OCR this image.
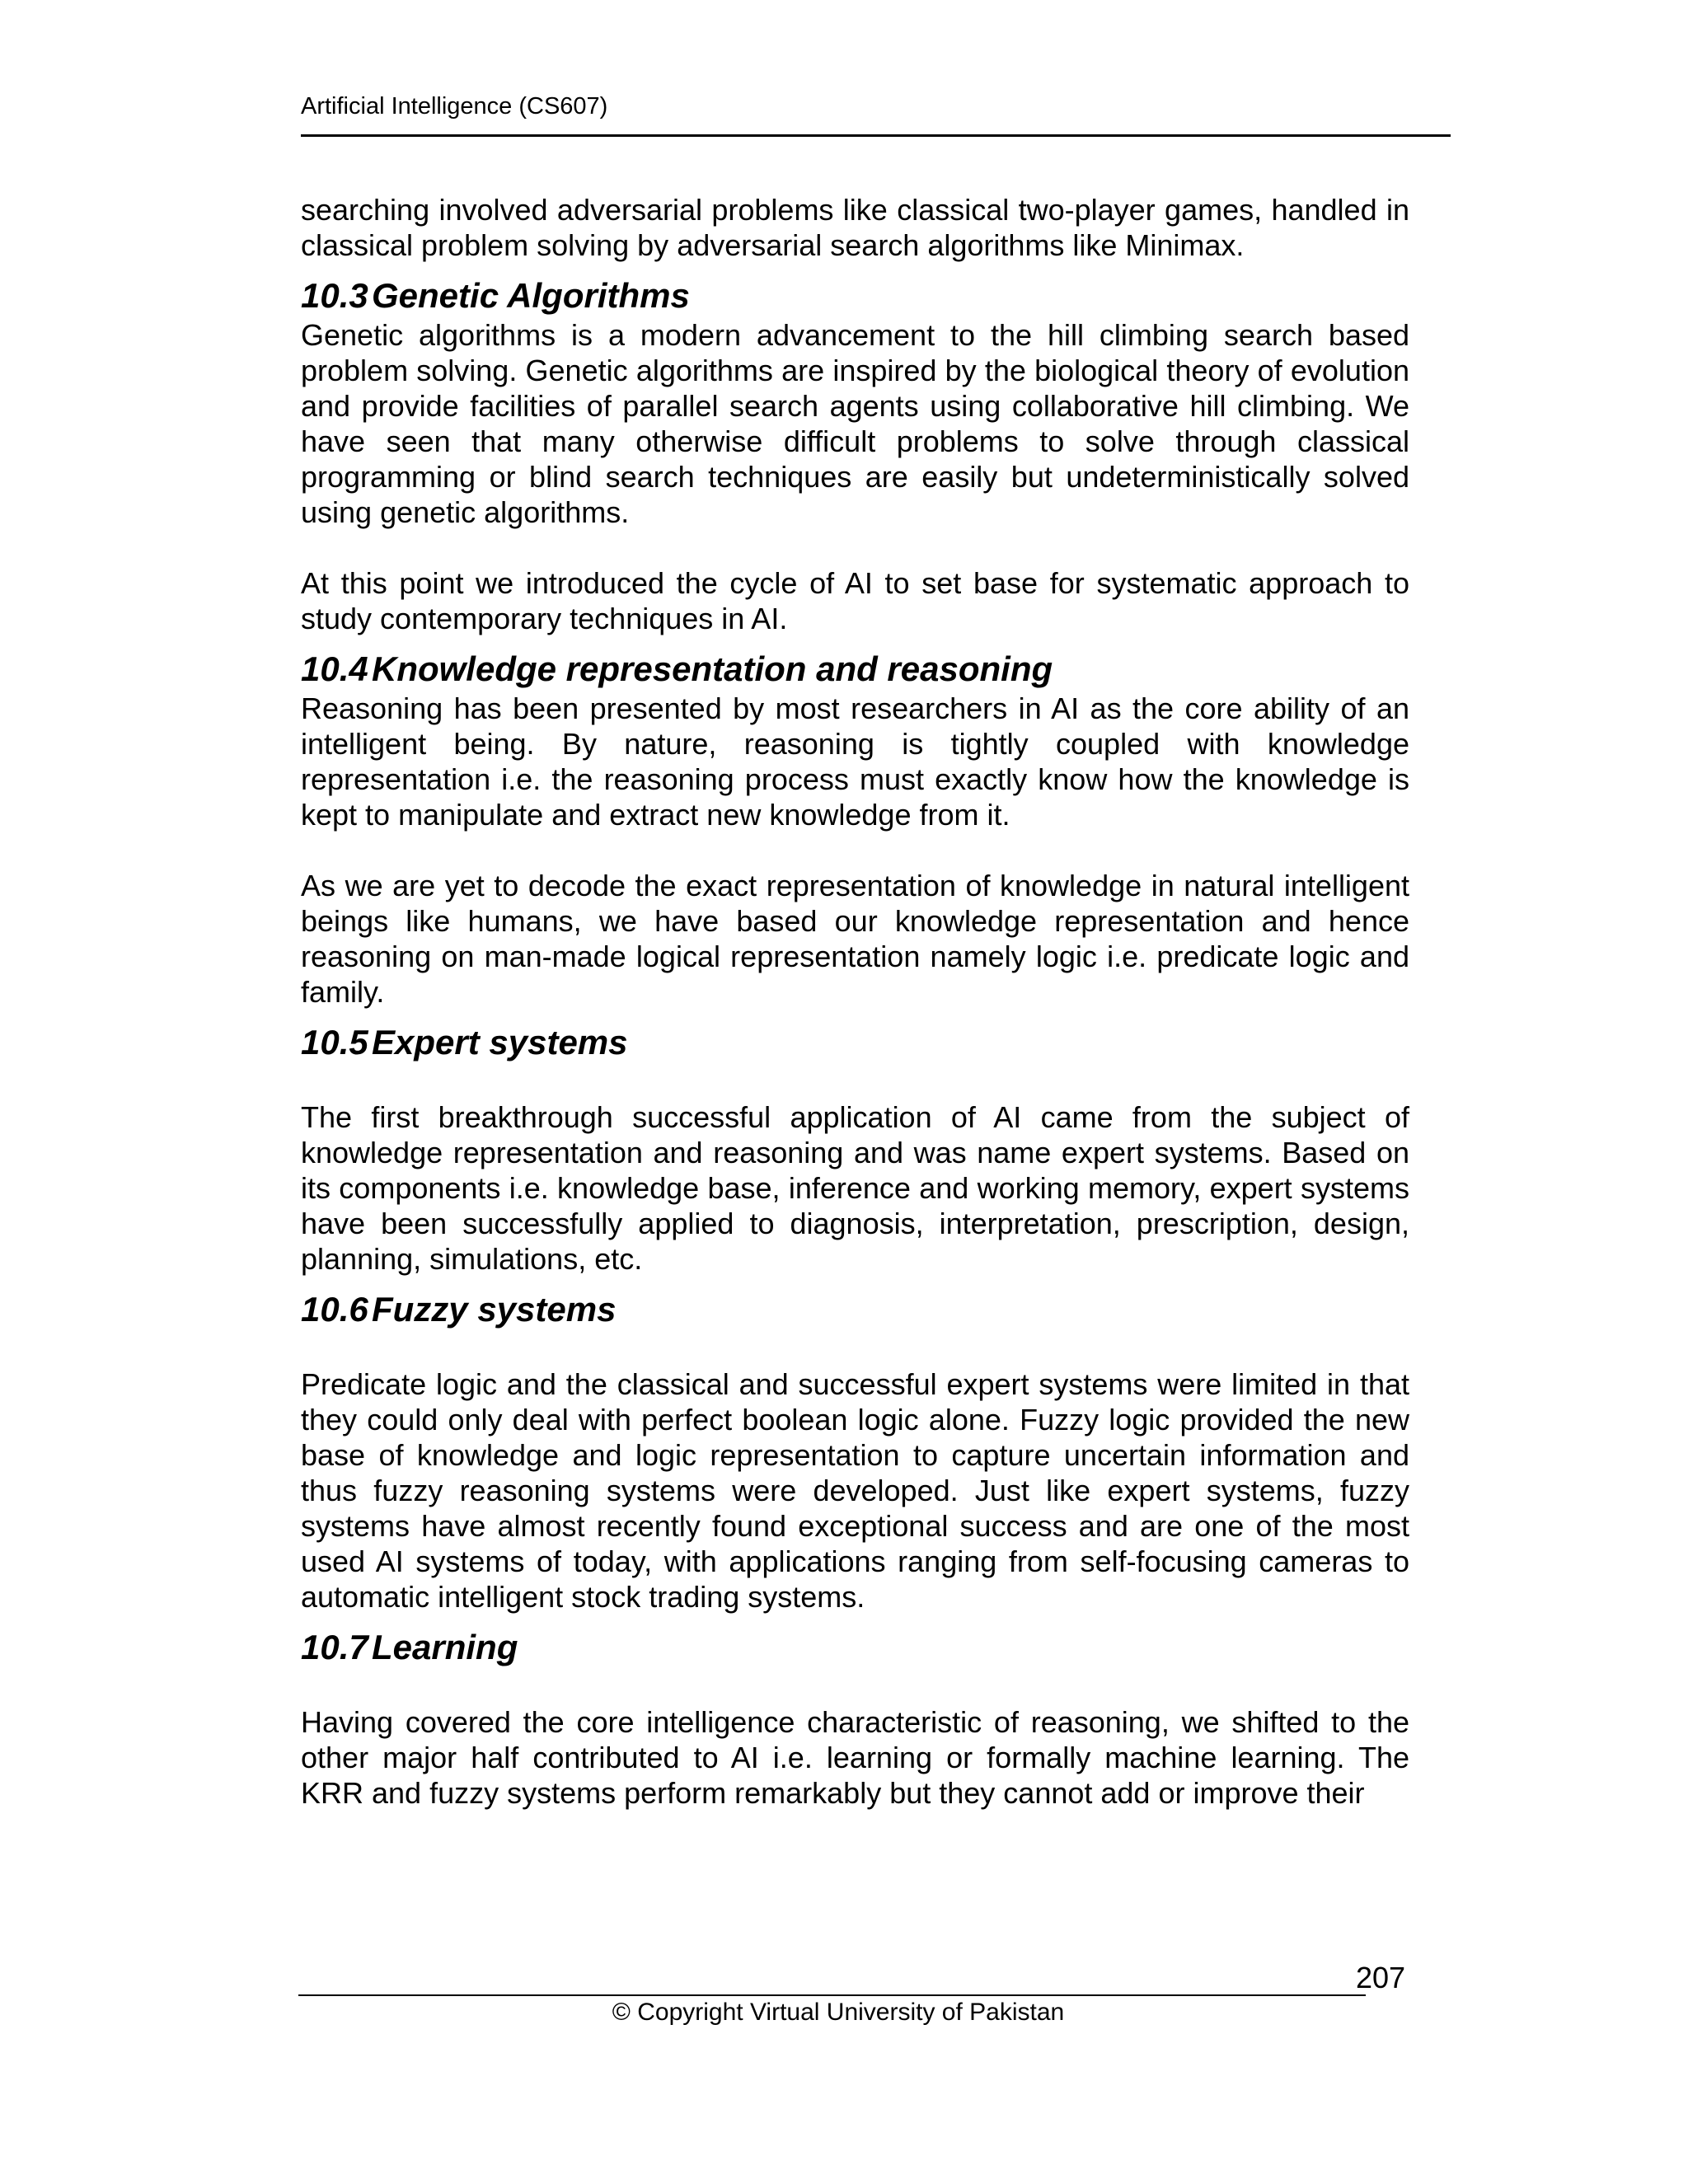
Artificial Intelligence (CS607)

searching involved adversarial problems like classical two-player games, handled in classical problem solving by adversarial search algorithms like Minimax.

10.3 Genetic Algorithms

Genetic algorithms is a modern advancement to the hill climbing search based problem solving. Genetic algorithms are inspired by the biological theory of evolution and provide facilities of parallel search agents using collaborative hill climbing. We have seen that many otherwise difficult problems to solve through classical programming or blind search techniques are easily but undeterministically solved using genetic algorithms.

At this point we introduced the cycle of AI to set base for systematic approach to study contemporary techniques in AI.

10.4 Knowledge representation and reasoning

Reasoning has been presented by most researchers in AI as the core ability of an intelligent being. By nature, reasoning is tightly coupled with knowledge representation i.e. the reasoning process must exactly know how the knowledge is kept to manipulate and extract new knowledge from it.

As we are yet to decode the exact representation of knowledge in natural intelligent beings like humans, we have based our knowledge representation and hence reasoning on man-made logical representation namely logic i.e. predicate logic and family.

10.5 Expert systems

The first breakthrough successful application of AI came from the subject of knowledge representation and reasoning and was name expert systems. Based on its components i.e. knowledge base, inference and working memory, expert systems have been successfully applied to diagnosis, interpretation, prescription, design, planning, simulations, etc.

10.6 Fuzzy systems

Predicate logic and the classical and successful expert systems were limited in that they could only deal with perfect boolean logic alone. Fuzzy logic provided the new base of knowledge and logic representation to capture uncertain information and thus fuzzy reasoning systems were developed. Just like expert systems, fuzzy systems have almost recently found exceptional success and are one of the most used AI systems of today, with applications ranging from self-focusing cameras to automatic intelligent stock trading systems.

10.7 Learning

Having covered the core intelligence characteristic of reasoning, we shifted to the other major half contributed to AI i.e. learning or formally machine learning. The KRR and fuzzy systems perform remarkably but they cannot add or improve their

207
© Copyright Virtual University of Pakistan
